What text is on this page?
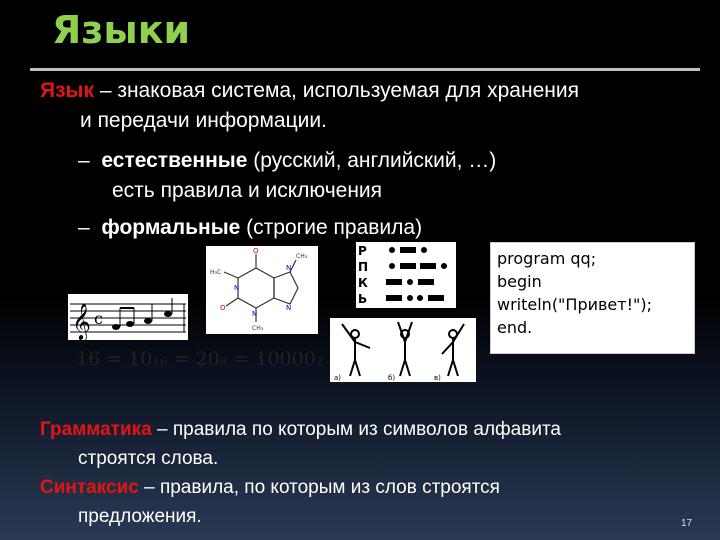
Языки
Язык – знаковая система, используемая для хранения
и передачи информации.
– естественные (русский, английский, …)
есть правила и исключения
– формальные (строгие правила)
𝄞 c
16 = 10₁₆ = 20₈ = 10000₂
O
O
N
N
N
N
H₃C
CH₃
CH₃	Р
П
К
Ь
а)	б)	в)
program qq;
begin
writeln("Привет!");
end.
Грамматика – правила по которым из символов алфавита
строятся слова.
Синтаксис – правила, по которым из слов строятся
предложения.	17
